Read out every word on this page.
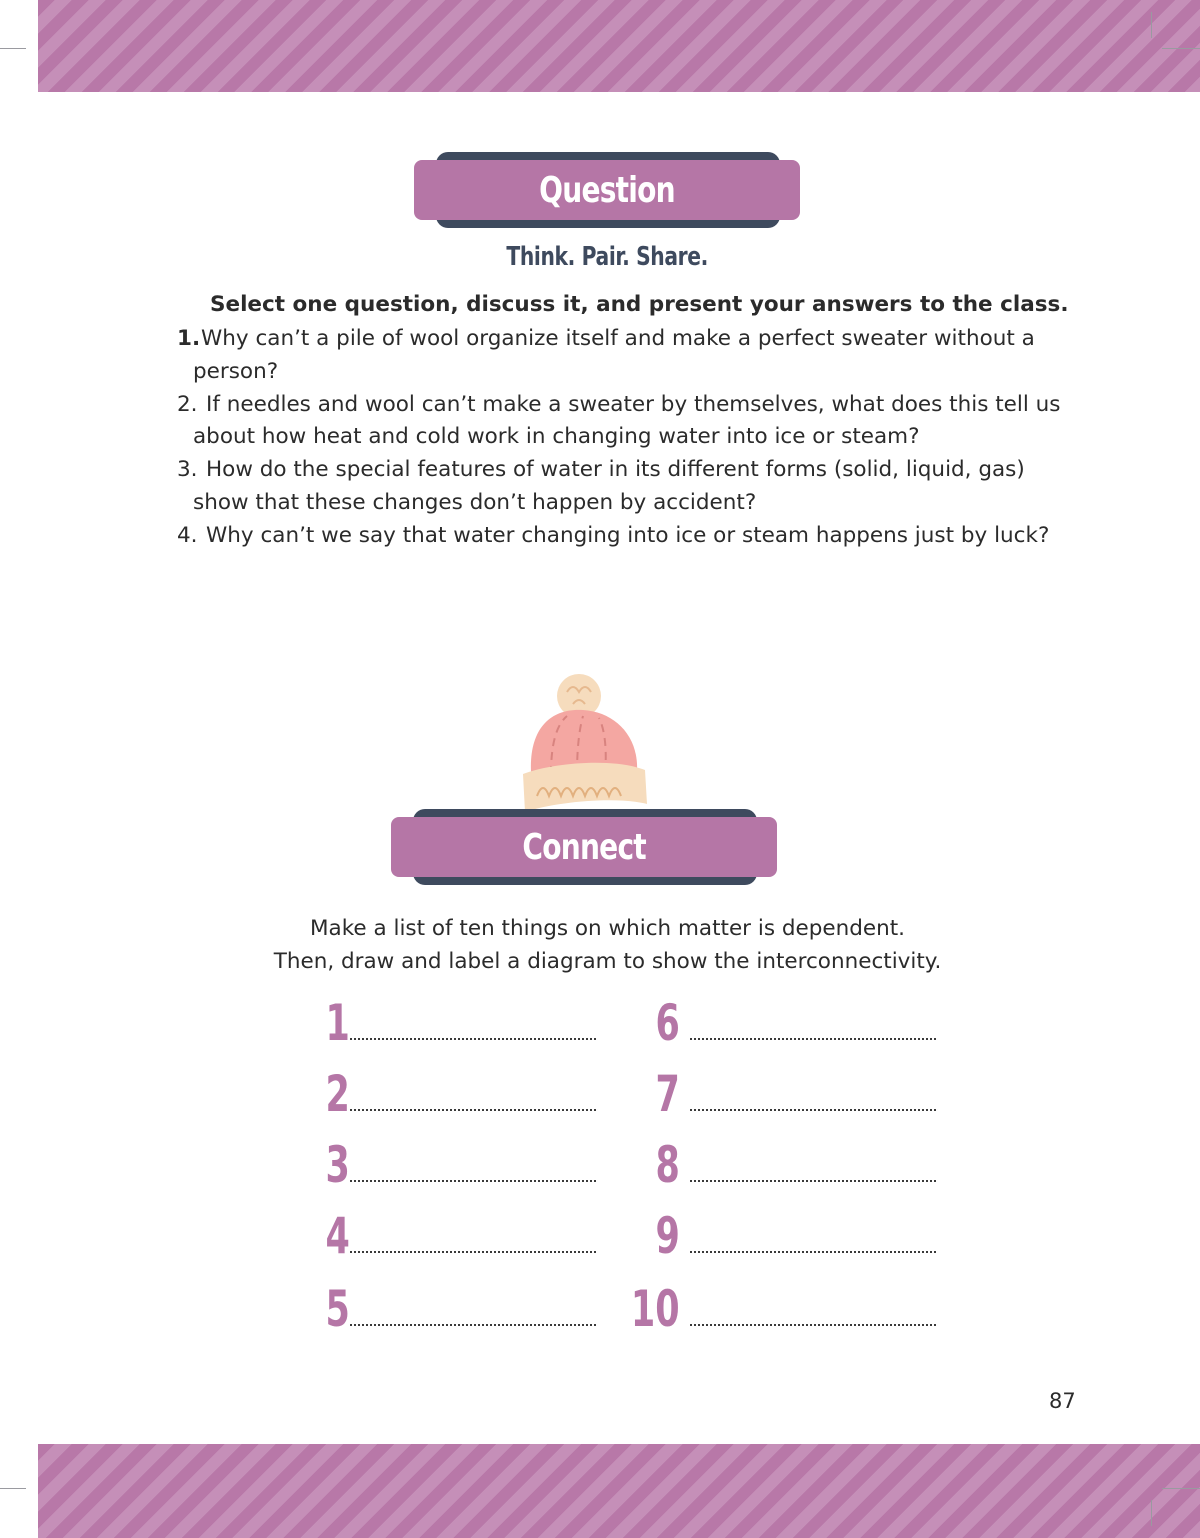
Question
Think. Pair. Share.
Select one question, discuss it, and present your answers to the class.
1.Why can’t a pile of wool organize itself and make a perfect sweater without a
person?
2. If needles and wool can’t make a sweater by themselves, what does this tell us
about how heat and cold work in changing water into ice or steam?
3. How do the special features of water in its different forms (solid, liquid, gas)
show that these changes don’t happen by accident?
4. Why can’t we say that water changing into ice or steam happens just by luck?
Connect
Make a list of ten things on which matter is dependent.
Then, draw and label a diagram to show the interconnectivity.
1
2
3
4
5
6
7
8
9
10
87
